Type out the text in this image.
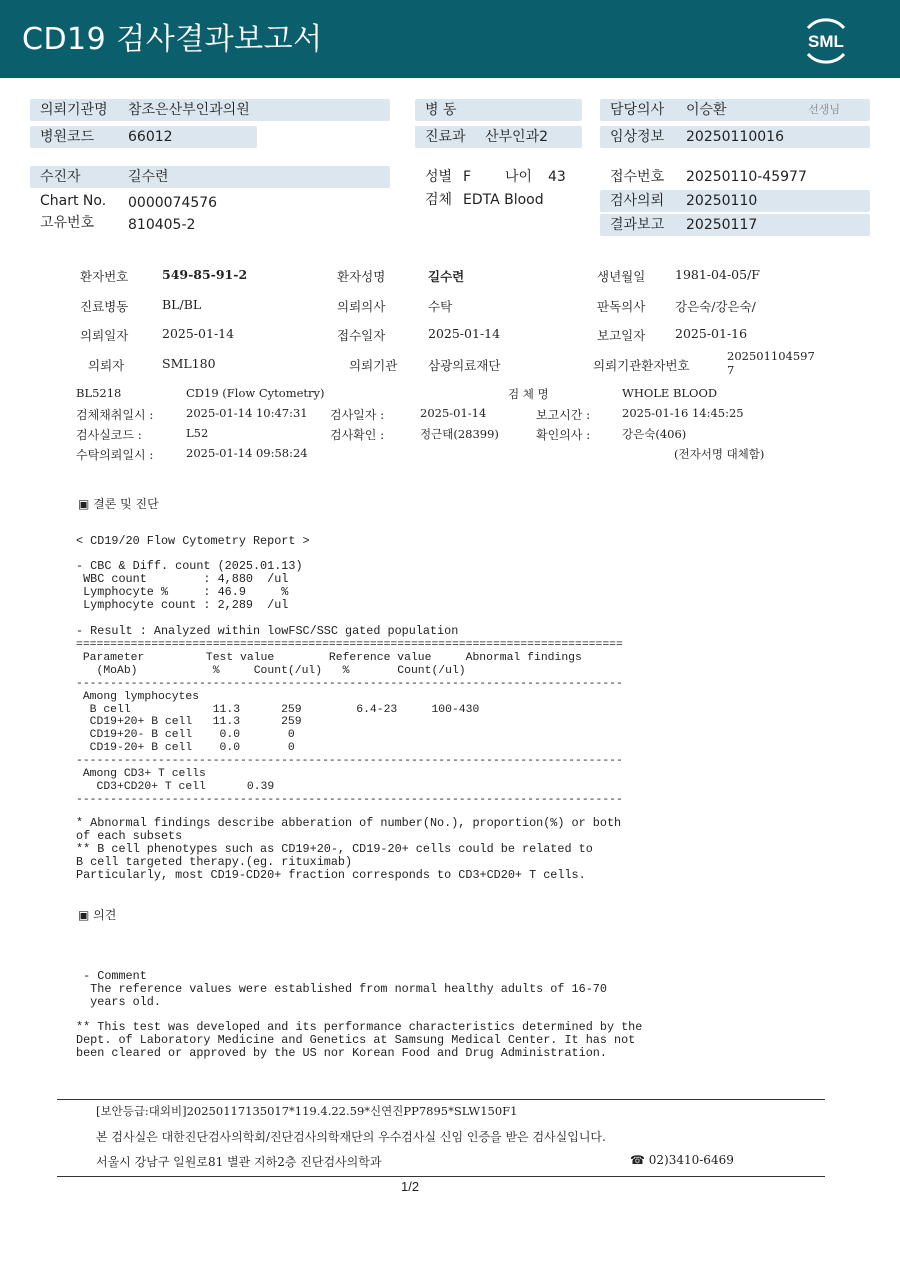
CD19 검사결과보고서	SML
의뢰기관명 참조은산부인과의원	병 동	담당의사 이승환	선생님
병원코드 66012	진료과 산부인과2	임상정보 20250110016
수진자	길수련	성별 F 나이 43	접수번호 20250110-45977
Chart No. 0000074576	검체 EDTA Blood	검사의뢰 20250110
고유번호 810405-2	결과보고 20250117
환자번호	549-85-91-2	환자성명	길수련	생년월일 1981-04-05/F
진료병동	BL/BL	의뢰의사	수탁	판독의사 강은숙/강은숙/
의뢰일자	2025-01-14	접수일자	2025-01-14	보고일자 2025-01-16
의뢰자	SML180	의뢰기관 삼광의료재단	의뢰기관환자번호
202501104597
7
BL5218	CD19 (Flow Cytometry)	검 체 명	WHOLE BLOOD
검체채취일시 :	2025-01-14 10:47:31 검사일자 :	2025-01-14	보고시간 :	2025-01-16 14:45:25
검사실코드 :	L52	검사확인 :	정근태(28399)	확인의사 :	강은숙(406)
수탁의뢰일시 :	2025-01-14 09:58:24	(전자서명 대체함)
▣ 결론 및 진단
< CD19/20 Flow Cytometry Report >
- CBC & Diff. count (2025.01.13)
WBC count        : 4,880  /ul
Lymphocyte %     : 46.9     %
Lymphocyte count : 2,289  /ul
- Result : Analyzed within lowFSC/SSC gated population
================================================================================
Parameter         Test value        Reference value     Abnormal findings
(MoAb)           %     Count(/ul)   %       Count(/ul)
--------------------------------------------------------------------------------
Among lymphocytes
B cell            11.3      259        6.4-23     100-430
CD19+20+ B cell   11.3      259
CD19+20- B cell    0.0       0
CD19-20+ B cell    0.0       0
--------------------------------------------------------------------------------
Among CD3+ T cells
CD3+CD20+ T cell      0.39
--------------------------------------------------------------------------------
* Abnormal findings describe abberation of number(No.), proportion(%) or both
of each subsets
** B cell phenotypes such as CD19+20-, CD19-20+ cells could be related to
B cell targeted therapy.(eg. rituximab)
Particularly, most CD19-CD20+ fraction corresponds to CD3+CD20+ T cells.
▣ 의견
- Comment
The reference values were established from normal healthy adults of 16-70
years old.
** This test was developed and its performance characteristics determined by the
Dept. of Laboratory Medicine and Genetics at Samsung Medical Center. It has not
been cleared or approved by the US nor Korean Food and Drug Administration.
[보안등급:대외비]20250117135017*119.4.22.59*신연진PP7895*SLW150F1
본 검사실은 대한진단검사의학회/진단검사의학재단의 우수검사실 신임 인증을 받은 검사실입니다.
서울시 강남구 일원로81 별관 지하2층 진단검사의학과	☎ 02)3410-6469
1/2
